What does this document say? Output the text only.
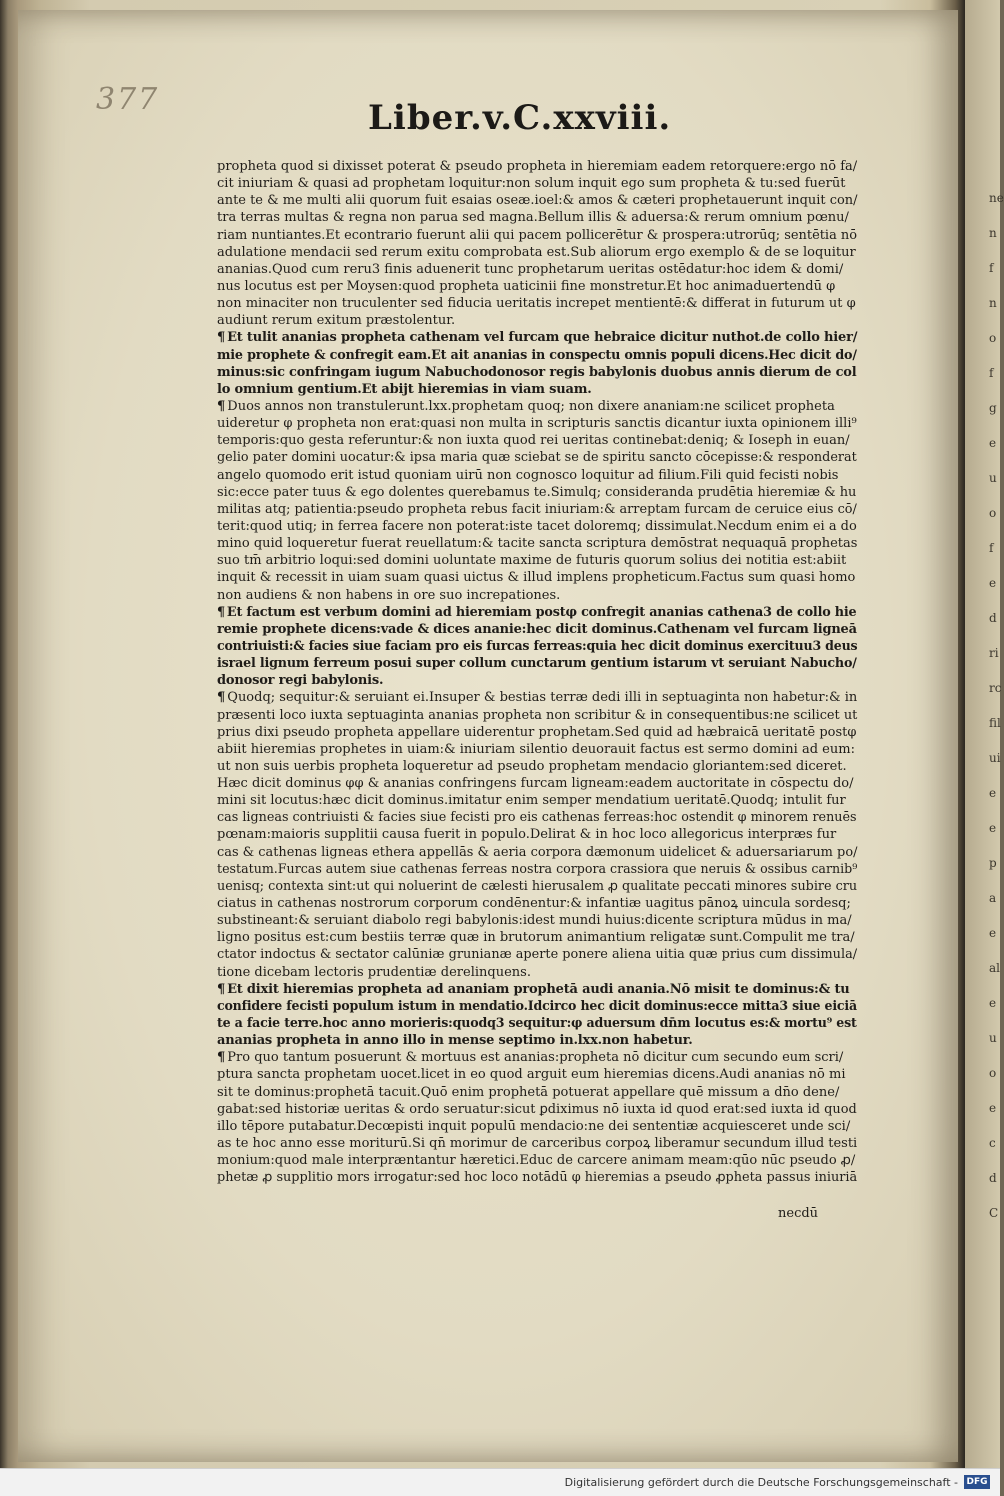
377	Liber.v.C.xxviii.
propheta quod si dixisset poterat & pseudo propheta in hieremiam eadem retorquere:ergo nō fa/
cit iniuriam & quasi ad prophetam loquitur:non solum inquit ego sum propheta & tu:sed fuerūt
ante te & me multi alii quorum fuit esaias oseæ.ioel:& amos & cæteri prophetauerunt inquit con/
tra terras multas & regna non parua sed magna.Bellum illis & aduersa:& rerum omnium pœnu/
riam nuntiantes.Et econtrario fuerunt alii qui pacem pollicerētur & prospera:utrorūq; sentētia nō
adulatione mendacii sed rerum exitu comprobata est.Sub aliorum ergo exemplo & de se loquitur
ananias.Quod cum reru3 finis aduenerit tunc prophetarum ueritas ostēdatur:hoc idem & domi/
nus locutus est per Moysen:quod propheta uaticinii fine monstretur.Et hoc animaduertendū φ
non minaciter non truculenter sed fiducia ueritatis increpet mentientē:& differat in futurum ut φ
audiunt rerum exitum præstolentur.
¶ Et tulit ananias propheta cathenam vel furcam que hebraice dicitur nuthot.de collo hier/
mie prophete & confregit eam.Et ait ananias in conspectu omnis populi dicens.Hec dicit do/
minus:sic confringam iugum Nabuchodonosor regis babylonis duobus annis dierum de col
lo omnium gentium.Et abijt hieremias in viam suam.
¶ Duos annos non transtulerunt.lxx.prophetam quoq; non dixere ananiam:ne scilicet propheta
uideretur φ propheta non erat:quasi non multa in scripturis sanctis dicantur iuxta opinionem illi⁹
temporis:quo gesta referuntur:& non iuxta quod rei ueritas continebat:deniq; & Ioseph in euan/
gelio pater domini uocatur:& ipsa maria quæ sciebat se de spiritu sancto cōcepisse:& responderat
angelo quomodo erit istud quoniam uirū non cognosco loquitur ad filium.Fili quid fecisti nobis
sic:ecce pater tuus & ego dolentes querebamus te.Simulq; consideranda prudētia hieremiæ & hu
militas atq; patientia:pseudo propheta rebus facit iniuriam:& arreptam furcam de ceruice eius cō/
terit:quod utiq; in ferrea facere non poterat:iste tacet doloremq; dissimulat.Necdum enim ei a do
mino quid loqueretur fuerat reuellatum:& tacite sancta scriptura demōstrat nequaquā prophetas
suo tm̄ arbitrio loqui:sed domini uoluntate maxime de futuris quorum solius dei notitia est:abiit
inquit & recessit in uiam suam quasi uictus & illud implens propheticum.Factus sum quasi homo
non audiens & non habens in ore suo increpationes.
¶ Et factum est verbum domini ad hieremiam postφ confregit ananias cathena3 de collo hie
remie prophete dicens:vade & dices ananie:hec dicit dominus.Cathenam vel furcam ligneā
contriuisti:& facies siue faciam pro eis furcas ferreas:quia hec dicit dominus exercituu3 deus
israel lignum ferreum posui super collum cunctarum gentium istarum vt seruiant Nabucho/
donosor regi babylonis.
¶ Quodq; sequitur:& seruiant ei.Insuper & bestias terræ dedi illi in septuaginta non habetur:& in
præsenti loco iuxta septuaginta ananias propheta non scribitur & in consequentibus:ne scilicet ut
prius dixi pseudo propheta appellare uiderentur prophetam.Sed quid ad hæbraicā ueritatē postφ
abiit hieremias prophetes in uiam:& iniuriam silentio deuorauit factus est sermo domini ad eum:
ut non suis uerbis propheta loqueretur ad pseudo prophetam mendacio gloriantem:sed diceret.
Hæc dicit dominus φφ & ananias confringens furcam ligneam:eadem auctoritate in cōspectu do/
mini sit locutus:hæc dicit dominus.imitatur enim semper mendatium ueritatē.Quodq; intulit fur
cas ligneas contriuisti & facies siue fecisti pro eis cathenas ferreas:hoc ostendit φ minorem renuēs
pœnam:maioris supplitii causa fuerit in populo.Delirat & in hoc loco allegoricus interpræs fur
cas & cathenas ligneas ethera appellās & aeria corpora dæmonum uidelicet & aduersariarum po/
testatum.Furcas autem siue cathenas ferreas nostra corpora crassiora que neruis & ossibus carnib⁹
uenisq; contexta sint:ut qui noluerint de cælesti hierusalem ꝓ qualitate peccati minores subire cru
ciatus in cathenas nostrorum corporum condēnentur:& infantiæ uagitus pānoꝝ uincula sordesq;
substineant:& seruiant diabolo regi babylonis:idest mundi huius:dicente scriptura mūdus in ma/
ligno positus est:cum bestiis terræ quæ in brutorum animantium religatæ sunt.Compulit me tra/
ctator indoctus & sectator calūniæ grunianæ aperte ponere aliena uitia quæ prius cum dissimula/
tione dicebam lectoris prudentiæ derelinquens.
¶ Et dixit hieremias propheta ad ananiam prophetā audi anania.Nō misit te dominus:& tu
confidere fecisti populum istum in mendatio.Idcirco hec dicit dominus:ecce mitta3 siue eiciā
te a facie terre.hoc anno morieris:quodq3 sequitur:φ aduersum dn̄m locutus es:& mortu⁹ est
ananias propheta in anno illo in mense septimo in.lxx.non habetur.
¶ Pro quo tantum posuerunt & mortuus est ananias:propheta nō dicitur cum secundo eum scri/
ptura sancta prophetam uocet.licet in eo quod arguit eum hieremias dicens.Audi ananias nō mi
sit te dominus:prophetā tacuit.Quō enim prophetā potuerat appellare quē missum a dn̄o dene/
gabat:sed historiæ ueritas & ordo seruatur:sicut ꝑdiximus nō iuxta id quod erat:sed iuxta id quod
illo tēpore putabatur.Decœpisti inquit populū mendacio:ne dei sententiæ acquiesceret unde sci/
as te hoc anno esse moriturū.Si qn̄ morimur de carceribus corpoꝝ liberamur secundum illud testi
monium:quod male interpræntantur hæretici.Educ de carcere animam meam:qūo nūc pseudo ꝓ/
phetæ ꝓ supplitio mors irrogatur:sed hoc loco notādū φ hieremias a pseudo ꝓpheta passus iniuriā
necdū
ne
n
f
n
o
f
g
e
u
o
f
e
d
ri
rc
fil
ui
e
e
p
a
e
al
e
u
o
e
c
d
C
Digitalisierung gefördert durch die Deutsche Forschungsgemeinschaft - DFG
